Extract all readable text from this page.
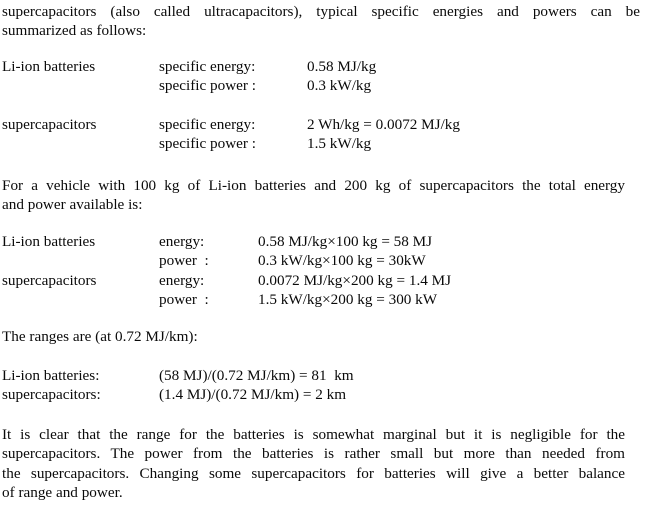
supercapacitors (also called ultracapacitors), typical specific energies and powers can be
summarized as follows:
Li-ion batteries	specific energy:	0.58 MJ/kg
	specific power :	0.3 kW/kg

supercapacitors	specific energy:	2 Wh/kg = 0.0072 MJ/kg
	specific power :	1.5 kW/kg
For a vehicle with 100 kg of Li-ion batteries and 200 kg of supercapacitors the total energy
and power available is:
Li-ion batteries	energy:	0.58 MJ/kg×100 kg = 58 MJ
	power  :	0.3 kW/kg×100 kg = 30kW
supercapacitors	energy:	0.0072 MJ/kg×200 kg = 1.4 MJ
	power  :	1.5 kW/kg×200 kg = 300 kW
The ranges are (at 0.72 MJ/km):
Li-ion batteries:	(58 MJ)/(0.72 MJ/km) = 81  km
supercapacitors:	(1.4 MJ)/(0.72 MJ/km) = 2 km
It is clear that the range for the batteries is somewhat marginal but it is negligible for the
supercapacitors. The power from the batteries is rather small but more than needed from
the supercapacitors. Changing some supercapacitors for batteries will give a better balance
of range and power.
